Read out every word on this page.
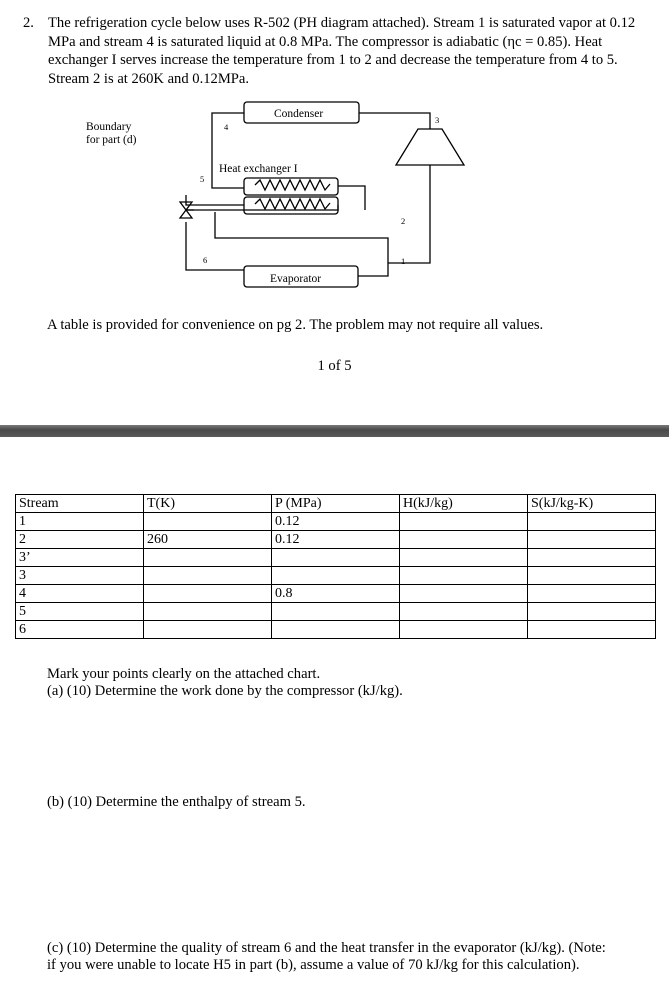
2. The refrigeration cycle below uses R-502 (PH diagram attached). Stream 1 is saturated vapor at 0.12 MPa and stream 4 is saturated liquid at 0.8 MPa. The compressor is adiabatic (ηc = 0.85). Heat exchanger I serves increase the temperature from 1 to 2 and decrease the temperature from 4 to 5. Stream 2 is at 260K and 0.12MPa.
Boundary
for part (d)
Condenser
Heat exchanger I
Evaporator
1
2
3
4
5
6
A table is provided for convenience on pg 2. The problem may not require all values.
1 of 5
Stream	T(K)	P (MPa)	H(kJ/kg)	S(kJ/kg-K)
1		0.12		
2	260	0.12		
3’				
3				
4		0.8		
5				
6				
Mark your points clearly on the attached chart.
(a) (10) Determine the work done by the compressor (kJ/kg).
(b) (10) Determine the enthalpy of stream 5.
(c) (10) Determine the quality of stream 6 and the heat transfer in the evaporator (kJ/kg). (Note:
if you were unable to locate H5 in part (b), assume a value of 70 kJ/kg for this calculation).
